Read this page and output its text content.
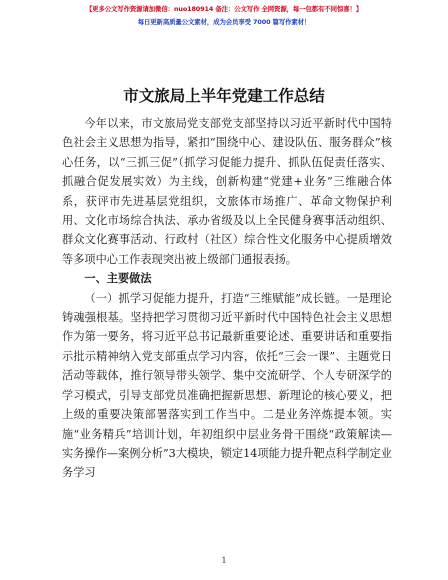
【更多公文写作资源请加微信：nuo180914 备注：公文写作 全网资源，每一包都有不同惊喜！】
每日更新高质量公文素材，成为会员享受 7000 篇写作素材！
市文旅局上半年党建工作总结

今年以来，市文旅局党支部党支部坚持以习近平新时代中国特色社会主义思想为指导，紧扣“围绕中心、建设队伍、服务群众”核心任务，以“三抓三促”（抓学习促能力提升、抓队伍促责任落实、抓融合促发展实效）为主线，创新构建“党建+业务”三维融合体系，获评市先进基层党组织，文旅体市场推广、革命文物保护利用、文化市场综合执法、承办省级及以上全民健身赛事活动组织、群众文化赛事活动、行政村（社区）综合性文化服务中心提质增效等多项中心工作表现突出被上级部门通报表扬。

一、主要做法

（一）抓学习促能力提升，打造“三维赋能”成长链。一是理论铸魂强根基。坚持把学习贯彻习近平新时代中国特色社会主义思想作为第一要务，将习近平总书记最新重要论述、重要讲话和重要指示批示精神纳入党支部重点学习内容，依托“三会一课”、主题党日活动等载体，推行领导带头领学、集中交流研学、个人专研深学的学习模式，引导支部党员准确把握新思想、新理论的核心要义，把上级的重要决策部署落实到工作当中。二是业务淬炼提本领。实施“业务精兵”培训计划，年初组织中层业务骨干围绕“政策解读—实务操作—案例分析”3大模块，锁定14项能力提升靶点科学制定业务学习

1
